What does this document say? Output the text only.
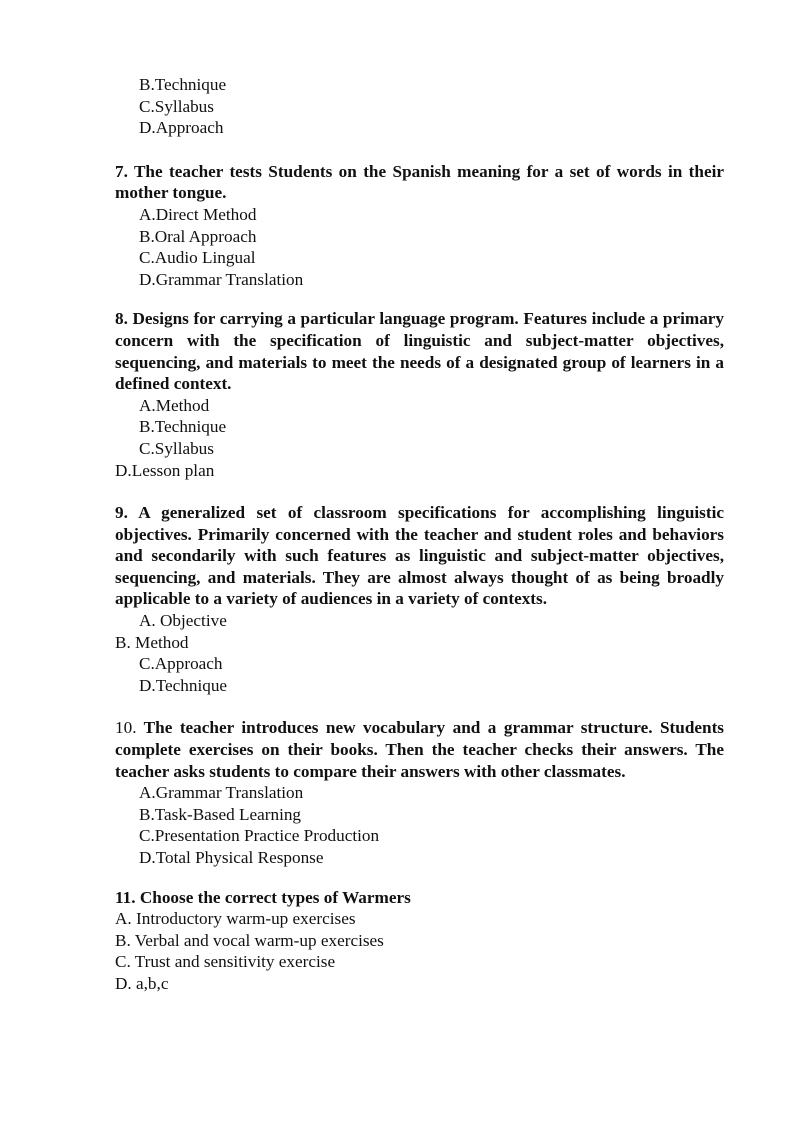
B.Technique

C.Syllabus

D.Approach

7. The teacher tests Students on the Spanish meaning for a set of words in their mother tongue.

A.Direct Method

B.Oral Approach

C.Audio Lingual

D.Grammar Translation

8. Designs for carrying a particular language program. Features include a primary concern with the specification of linguistic and subject-matter objectives, sequencing, and materials to meet the needs of a designated group of learners in a defined context.

A.Method

B.Technique

C.Syllabus

D.Lesson plan

9. A generalized set of classroom specifications for accomplishing linguistic objectives. Primarily concerned with the teacher and student roles and behaviors and secondarily with such features as linguistic and subject-matter objectives, sequencing, and materials. They are almost always thought of as being broadly applicable to a variety of audiences in a variety of contexts.

A. Objective

B. Method

C.Approach

D.Technique

10. The teacher introduces new vocabulary and a grammar structure. Students complete exercises on their books. Then the teacher checks their answers. The teacher asks students to compare their answers with other classmates.

A.Grammar Translation

B.Task-Based Learning

C.Presentation Practice Production

D.Total Physical Response

11. Choose the correct types of Warmers

A. Introductory warm-up exercises

B. Verbal and vocal warm-up exercises

C. Trust and sensitivity exercise

D. a,b,c
